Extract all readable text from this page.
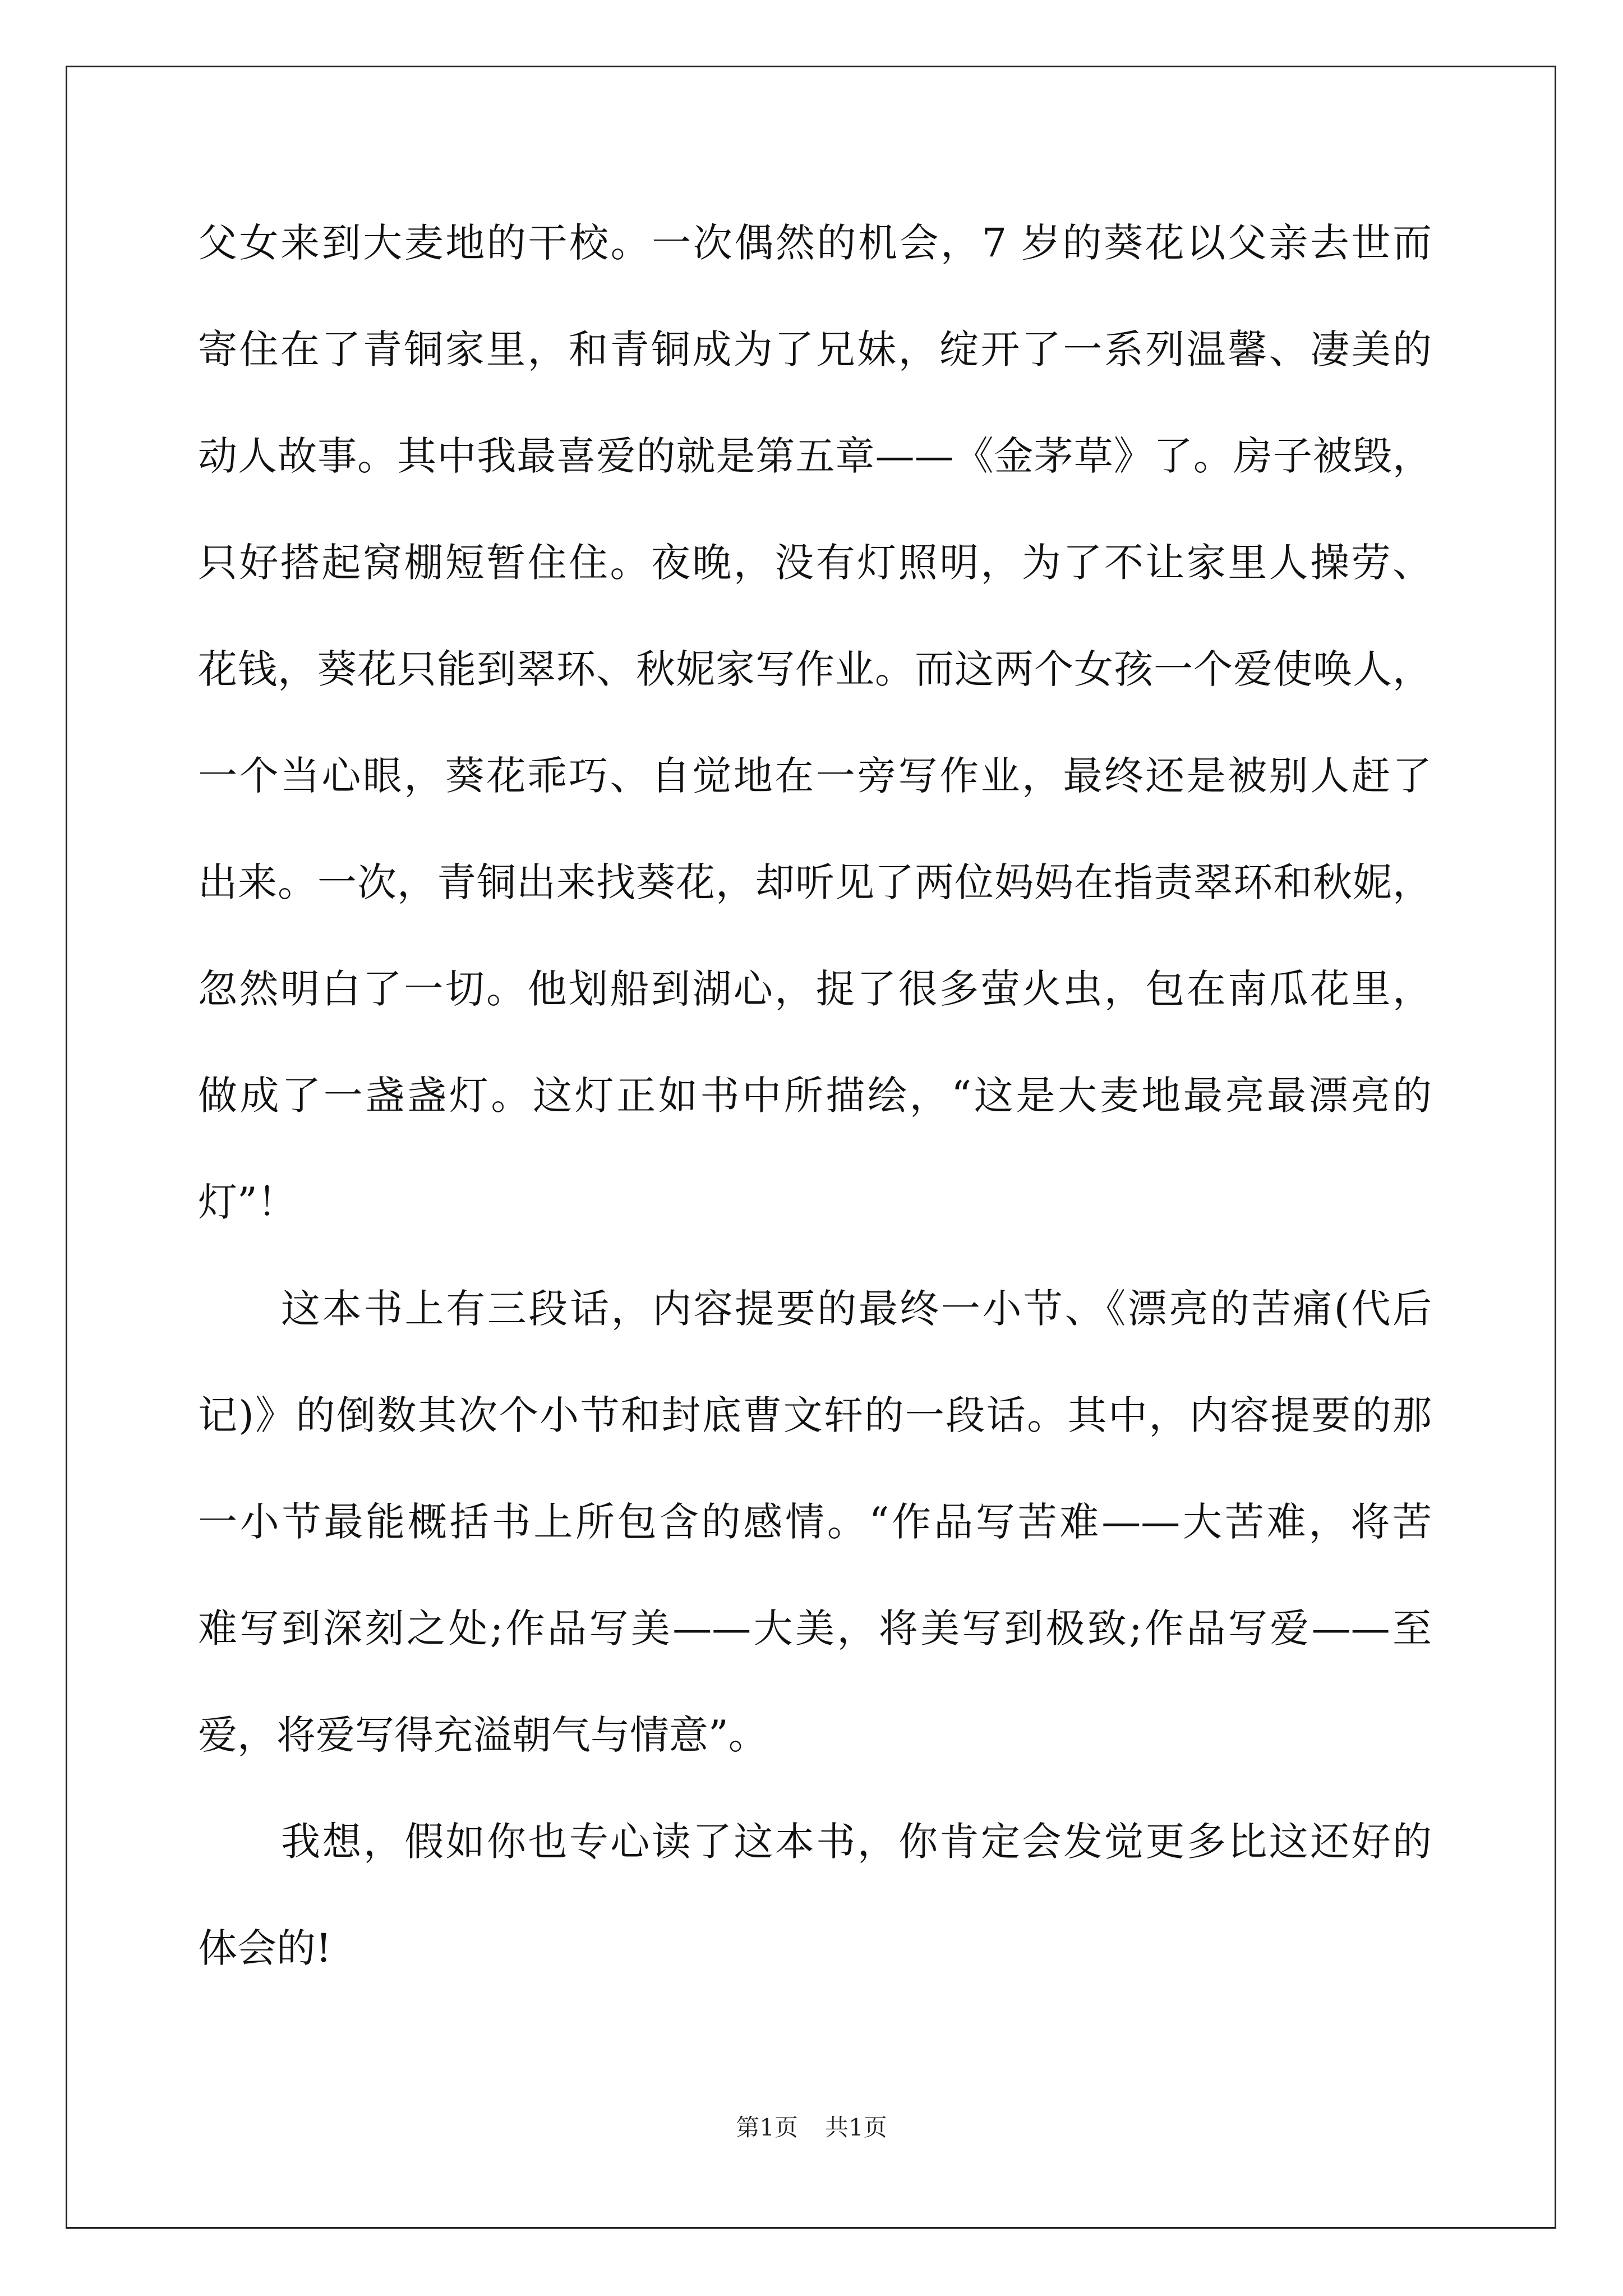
父女来到大麦地的干校。一次偶然的机会，7 岁的葵花以父亲去世而
寄住在了青铜家里，和青铜成为了兄妹，绽开了一系列温馨、凄美的
动人故事。其中我最喜爱的就是第五章——《金茅草》了。房子被毁，
只好搭起窝棚短暂住住。夜晚，没有灯照明，为了不让家里人操劳、
花钱，葵花只能到翠环、秋妮家写作业。而这两个女孩一个爱使唤人，
一个当心眼，葵花乖巧、自觉地在一旁写作业，最终还是被别人赶了
出来。一次，青铜出来找葵花，却听见了两位妈妈在指责翠环和秋妮，
忽然明白了一切。他划船到湖心，捉了很多萤火虫，包在南瓜花里，
做成了一盏盏灯。这灯正如书中所描绘，“这是大麦地最亮最漂亮的
灯”！
这本书上有三段话，内容提要的最终一小节、《漂亮的苦痛(代后
记)》的倒数其次个小节和封底曹文轩的一段话。其中，内容提要的那
一小节最能概括书上所包含的感情。“作品写苦难——大苦难，将苦
难写到深刻之处;作品写美——大美，将美写到极致;作品写爱——至
爱，将爱写得充溢朝气与情意”。
我想，假如你也专心读了这本书，你肯定会发觉更多比这还好的
体会的!
第1页 共1页
